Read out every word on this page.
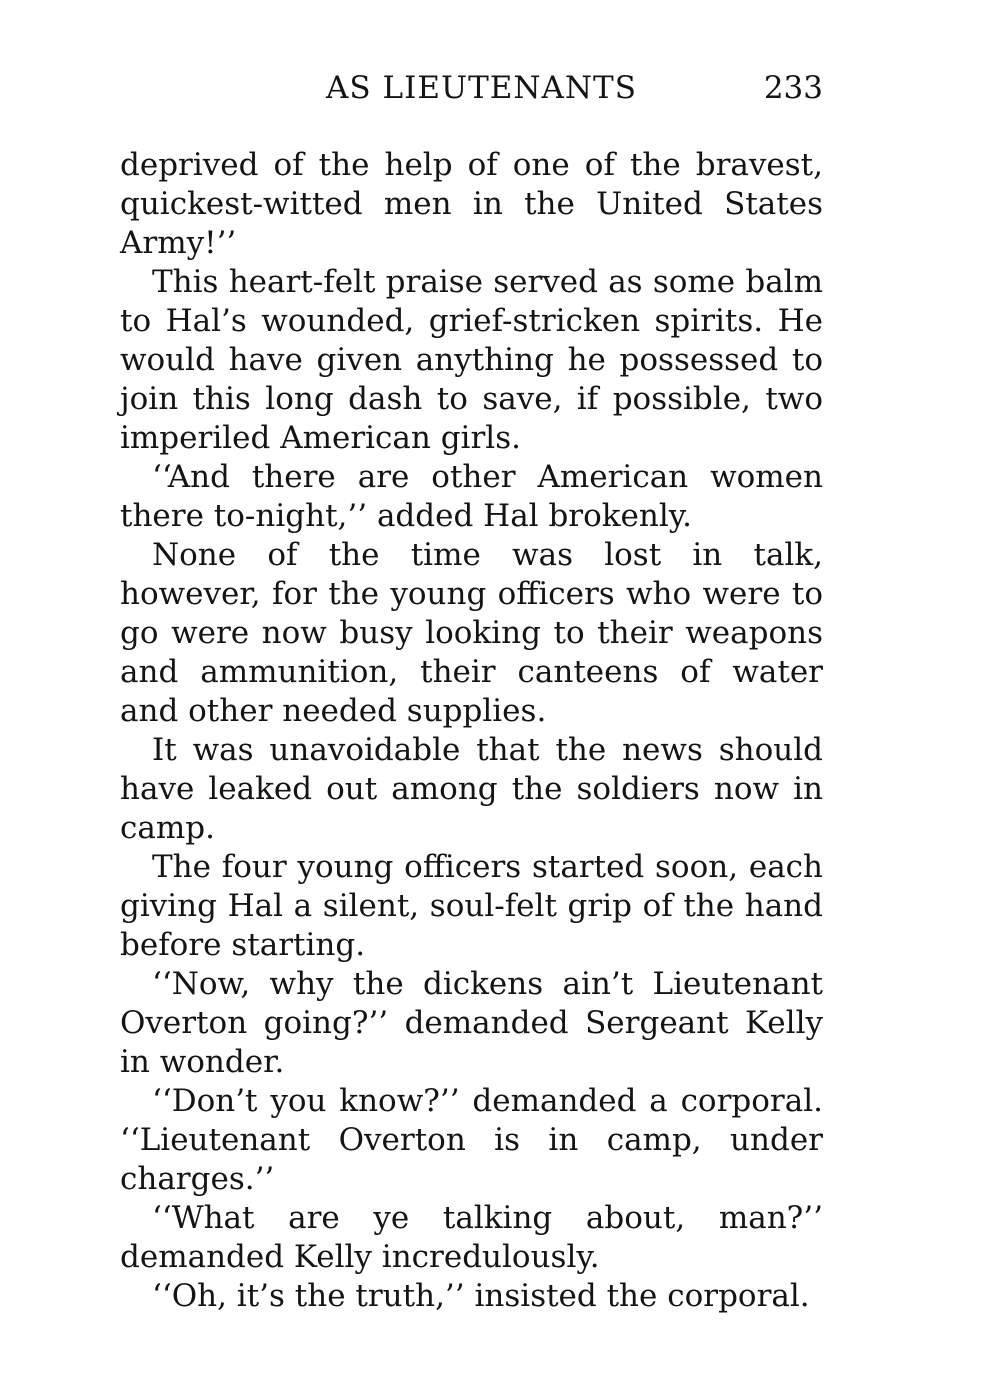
AS LIEUTENANTS	233

deprived of the help of one of the bravest, quickest-witted men in the United States Army!’’

This heart-felt praise served as some balm to Hal’s wounded, grief-stricken spirits. He would have given anything he possessed to join this long dash to save, if possible, two imperiled American girls.

‘‘And there are other American women there to-night,’’ added Hal brokenly.

None of the time was lost in talk, however, for the young officers who were to go were now busy looking to their weapons and ammunition, their canteens of water and other needed supplies.

It was unavoidable that the news should have leaked out among the soldiers now in camp.

The four young officers started soon, each giving Hal a silent, soul-felt grip of the hand before starting.

‘‘Now, why the dickens ain’t Lieutenant Overton going?’’ demanded Sergeant Kelly in wonder.

‘‘Don’t you know?’’ demanded a corporal. ‘‘Lieutenant Overton is in camp, under charges.’’

‘‘What are ye talking about, man?’’ demanded Kelly incredulously.

‘‘Oh, it’s the truth,’’ insisted the corporal.
